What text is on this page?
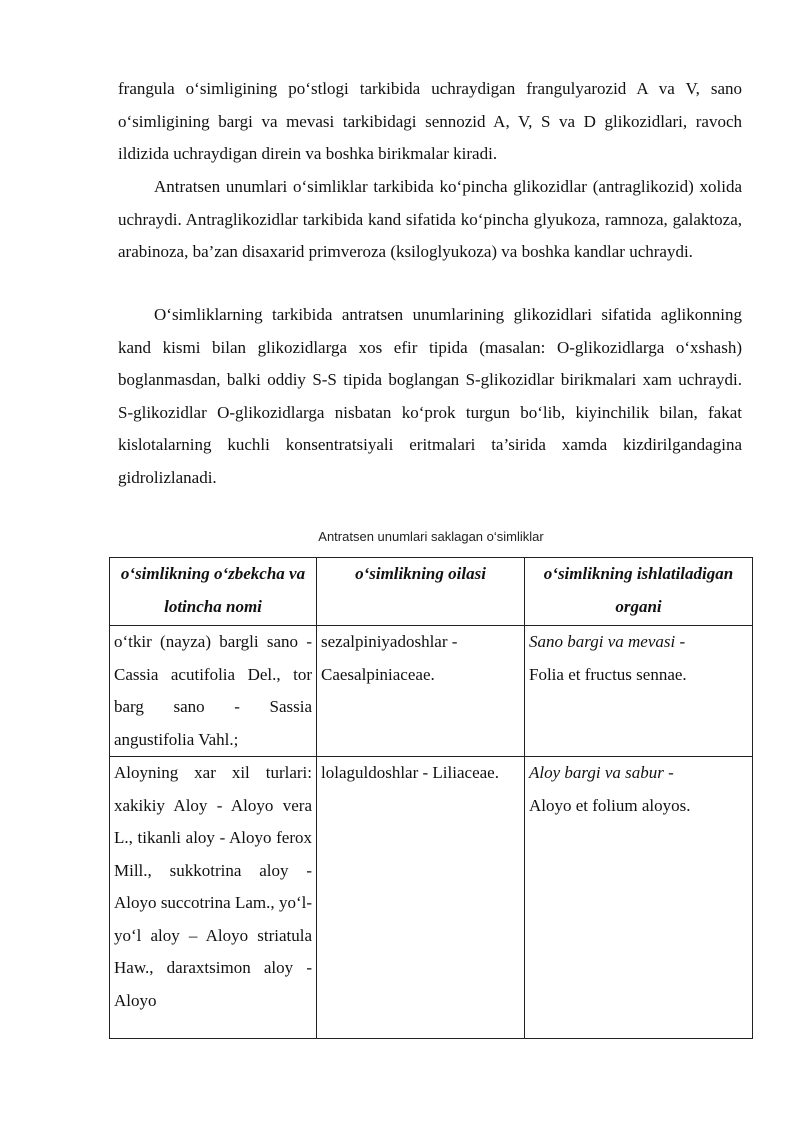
frangula o‘simligining po‘stlogi tarkibida uchraydigan frangulyarozid A va V, sano o‘simligining bargi va mevasi tarkibidagi sennozid A, V, S va D glikozidlari, ravoch ildizida uchraydigan direin va boshka birikmalar kiradi.

Antratsen unumlari o‘simliklar tarkibida ko‘pincha glikozidlar (antraglikozid) xolida uchraydi. Antraglikozidlar tarkibida kand sifatida ko‘pincha glyukoza, ramnoza, galaktoza, arabinoza, ba’zan disaxarid primveroza (ksiloglyukoza) va boshka kandlar uchraydi.

O‘simliklarning tarkibida antratsen unumlarining glikozidlari sifatida aglikonning kand kismi bilan glikozidlarga xos efir tipida (masalan: O-glikozidlarga o‘xshash) boglanmasdan, balki oddiy S-S tipida boglangan S-glikozidlar birikmalari xam uchraydi. S-glikozidlar O-glikozidlarga nisbatan ko‘prok turgun bo‘lib, kiyinchilik bilan, fakat kislotalarning kuchli konsentratsiyali eritmalari ta’sirida xamda kizdirilgandagina gidrolizlanadi.

Antratsen unumlari saklagan o‘simliklar
o‘simlikning o‘zbekcha va lotincha nomi	o‘simlikning oilasi	o‘simlikning ishlatiladigan organi
o‘tkir (nayza) bargli sano - Cassia acutifolia Del., tor barg sano - Sassia angustifolia Vahl.;	sezalpiniyadoshlar - Caesalpiniaceae.	Sano bargi va mevasi -
Folia et fructus sennae.
Aloyning xar xil turlari: xakikiy Aloy - Aloyo vera L., tikanli aloy - Aloyo ferox Mill., sukkotrina aloy - Aloyo succotrina Lam., yo‘l-yo‘l aloy – Aloyo striatula Haw., daraxtsimon aloy - Aloyo	lolaguldoshlar - Liliaceae.	Aloy bargi va sabur -
Aloyo et folium aloyos.
